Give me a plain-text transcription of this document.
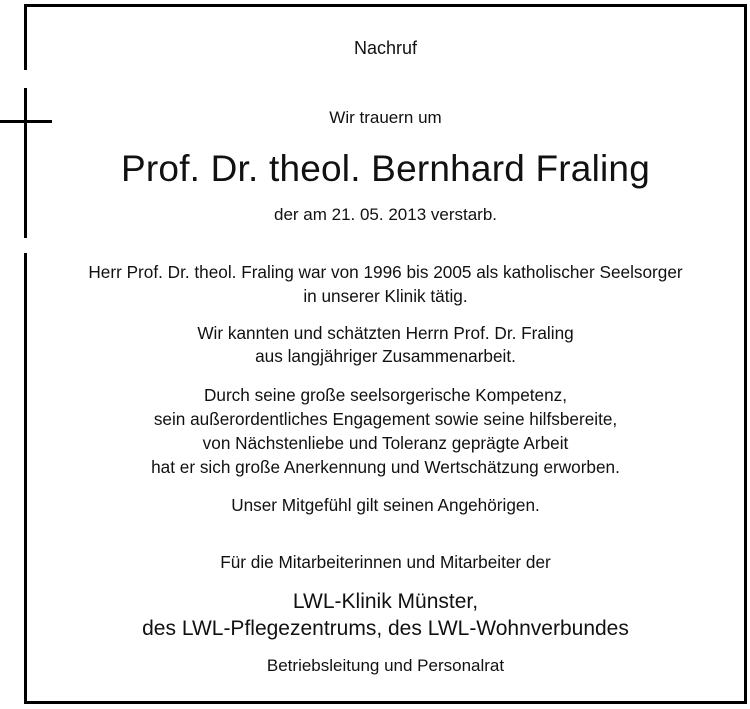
Nachruf
Wir trauern um
Prof. Dr. theol. Bernhard Fraling
der am 21. 05. 2013 verstarb.
Herr Prof. Dr. theol. Fraling war von 1996 bis 2005 als katholischer Seelsorger
in unserer Klinik tätig.
Wir kannten und schätzten Herrn Prof. Dr. Fraling
aus langjähriger Zusammenarbeit.
Durch seine große seelsorgerische Kompetenz,
sein außerordentliches Engagement sowie seine hilfsbereite,
von Nächstenliebe und Toleranz geprägte Arbeit
hat er sich große Anerkennung und Wertschätzung erworben.
Unser Mitgefühl gilt seinen Angehörigen.
Für die Mitarbeiterinnen und Mitarbeiter der
LWL-Klinik Münster,
des LWL-Pflegezentrums, des LWL-Wohnverbundes
Betriebsleitung und Personalrat
